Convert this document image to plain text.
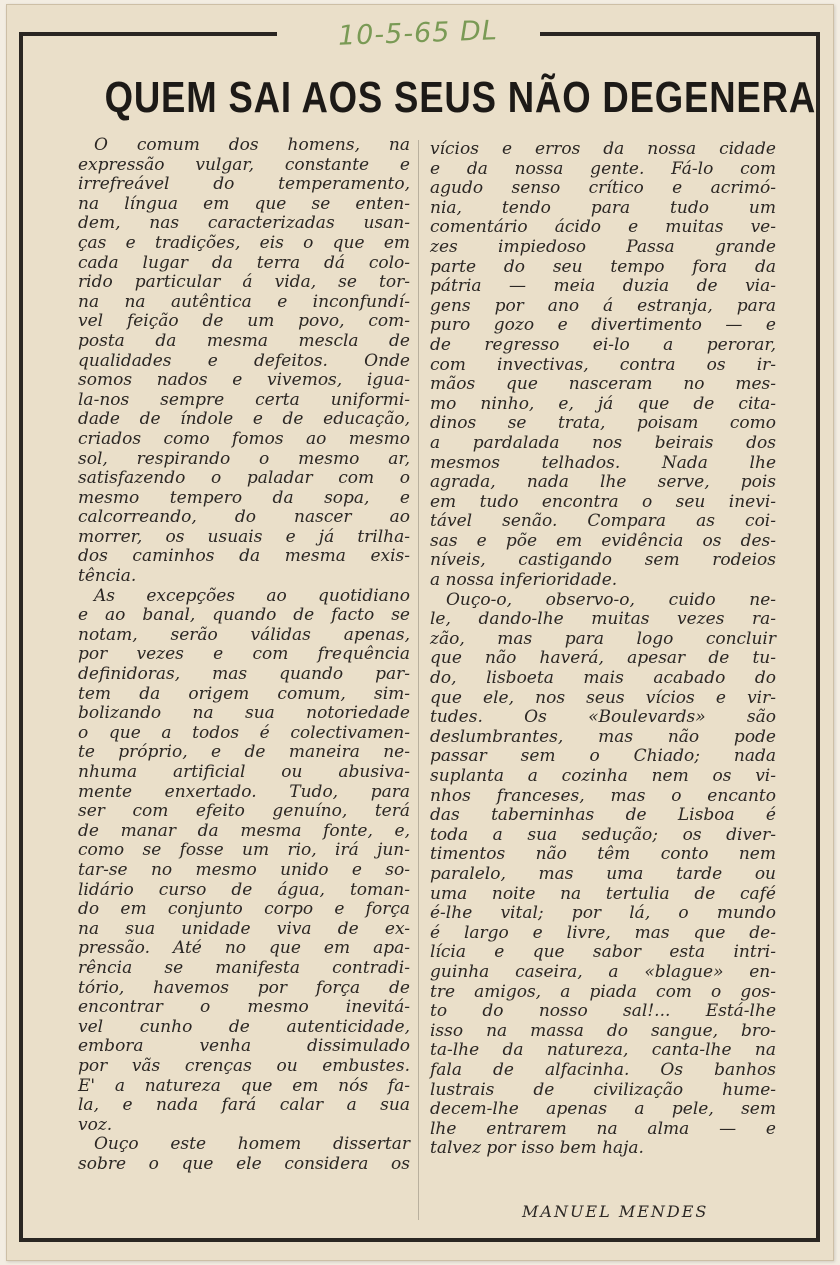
10-5-65 DL
QUEM SAI AOS SEUS NÃO DEGENERA
O comum dos homens, na
expressão vulgar, constante e
irrefreável do temperamento,
na língua em que se enten-
dem, nas caracterizadas usan-
ças e tradições, eis o que em
cada lugar da terra dá colo-
rido particular á vida, se tor-
na na autêntica e inconfundí-
vel feição de um povo, com-
posta da mesma mescla de
qualidades e defeitos. Onde
somos nados e vivemos, igua-
la-nos sempre certa uniformi-
dade de índole e de educação,
criados como fomos ao mesmo
sol, respirando o mesmo ar,
satisfazendo o paladar com o
mesmo tempero da sopa, e
calcorreando, do nascer ao
morrer, os usuais e já trilha-
dos caminhos da mesma exis-
tência.
As excepções ao quotidiano
e ao banal, quando de facto se
notam, serão válidas apenas,
por vezes e com frequência
definidoras, mas quando par-
tem da origem comum, sim-
bolizando na sua notoriedade
o que a todos é colectivamen-
te próprio, e de maneira ne-
nhuma artificial ou abusiva-
mente enxertado. Tudo, para
ser com efeito genuíno, terá
de manar da mesma fonte, e,
como se fosse um rio, irá jun-
tar-se no mesmo unido e so-
lidário curso de água, toman-
do em conjunto corpo e força
na sua unidade viva de ex-
pressão. Até no que em apa-
rência se manifesta contradi-
tório, havemos por força de
encontrar o mesmo inevitá-
vel cunho de autenticidade,
embora venha dissimulado
por vãs crenças ou embustes.
E' a natureza que em nós fa-
la, e nada fará calar a sua
voz.
Ouço este homem dissertar
sobre o que ele considera os
vícios e erros da nossa cidade
e da nossa gente. Fá-lo com
agudo senso crítico e acrimó-
nia, tendo para tudo um
comentário ácido e muitas ve-
zes impiedoso Passa grande
parte do seu tempo fora da
pátria — meia duzia de via-
gens por ano á estranja, para
puro gozo e divertimento — e
de regresso ei-lo a perorar,
com invectivas, contra os ir-
mãos que nasceram no mes-
mo ninho, e, já que de cita-
dinos se trata, poisam como
a pardalada nos beirais dos
mesmos telhados. Nada lhe
agrada, nada lhe serve, pois
em tudo encontra o seu inevi-
tável senão. Compara as coi-
sas e põe em evidência os des-
níveis, castigando sem rodeios
a nossa inferioridade.
Ouço-o, observo-o, cuido ne-
le, dando-lhe muitas vezes ra-
zão, mas para logo concluir
que não haverá, apesar de tu-
do, lisboeta mais acabado do
que ele, nos seus vícios e vir-
tudes. Os «Boulevards» são
deslumbrantes, mas não pode
passar sem o Chiado; nada
suplanta a cozinha nem os vi-
nhos franceses, mas o encanto
das taberninhas de Lisboa é
toda a sua sedução; os diver-
timentos não têm conto nem
paralelo, mas uma tarde ou
uma noite na tertulia de café
é-lhe vital; por lá, o mundo
é largo e livre, mas que de-
lícia e que sabor esta intri-
guinha caseira, a «blague» en-
tre amigos, a piada com o gos-
to do nosso sal!... Está-lhe
isso na massa do sangue, bro-
ta-lhe da natureza, canta-lhe na
fala de alfacinha. Os banhos
lustrais de civilização hume-
decem-lhe apenas a pele, sem
lhe entrarem na alma — e
talvez por isso bem haja.
MANUEL MENDES
